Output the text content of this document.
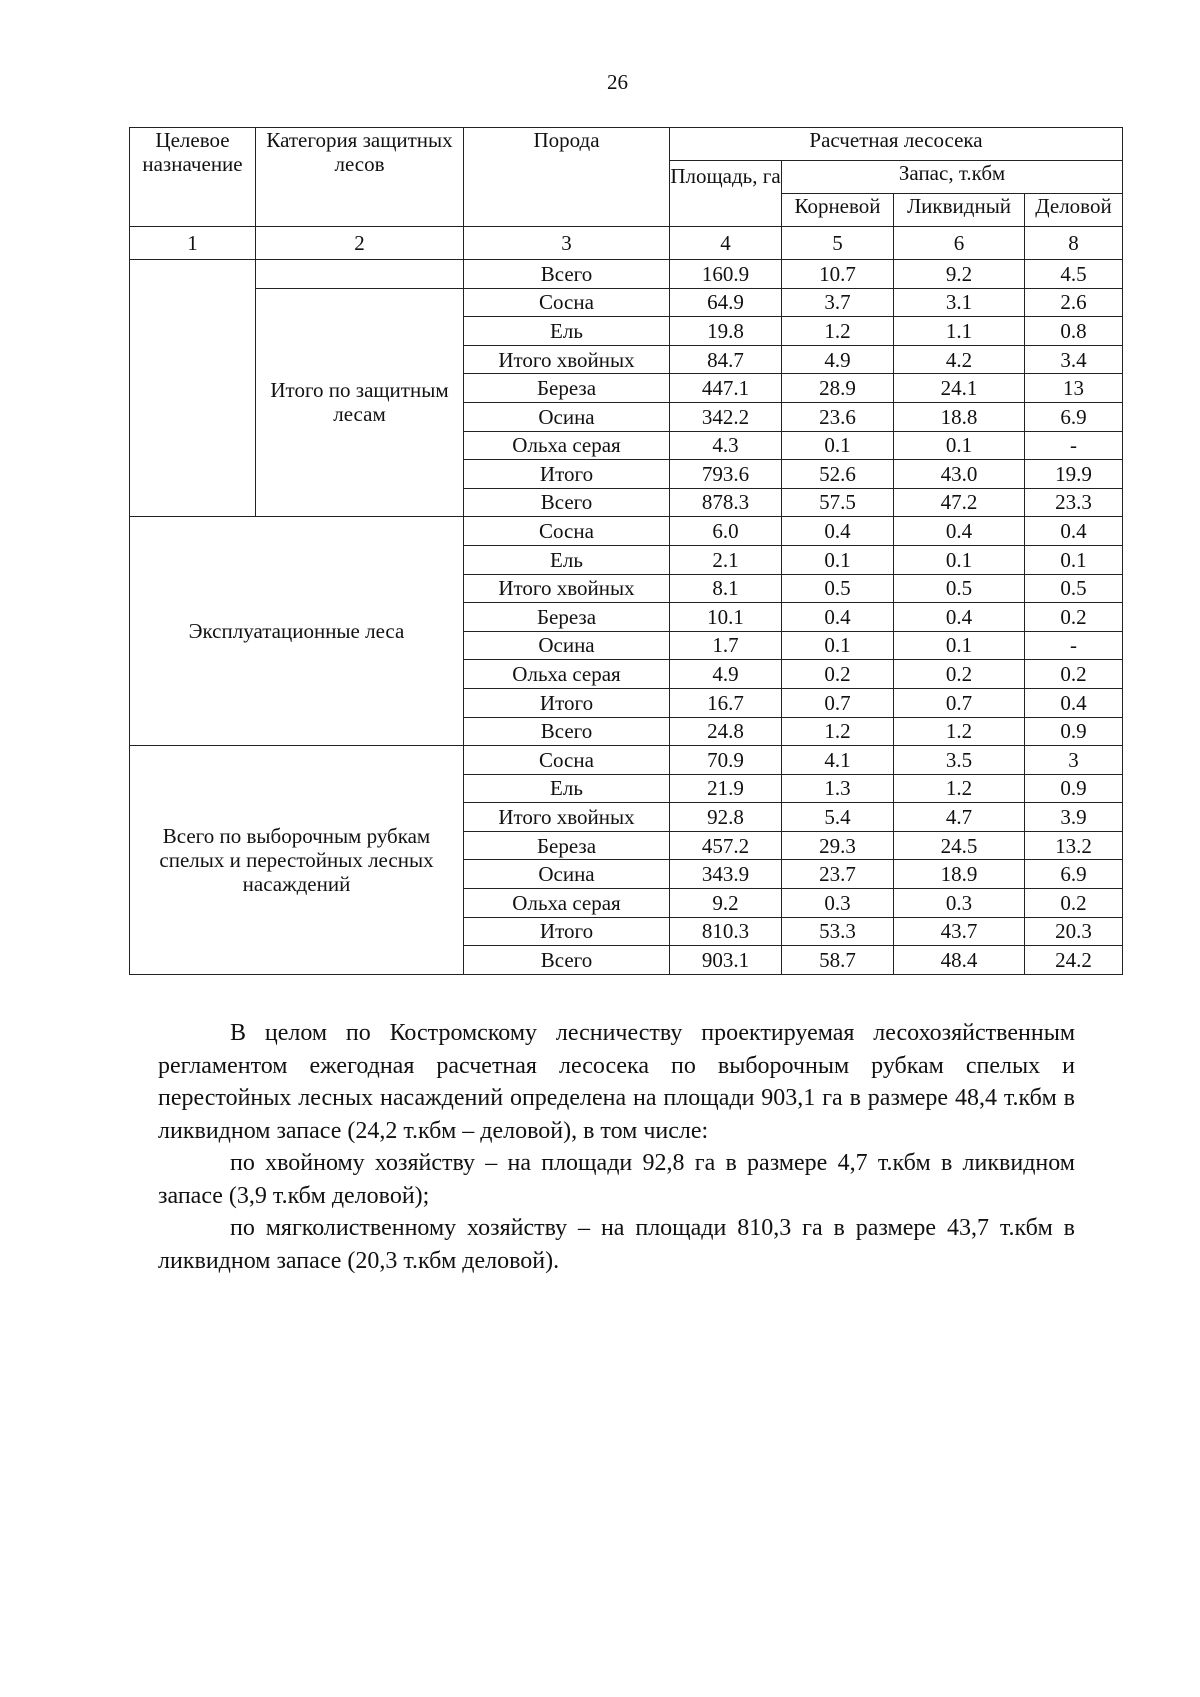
26
Целевое назначение	Категория защитных лесов	Порода	Расчетная лесосека			
			Площадь, га	Запас, т.кбм		
				Корневой	Ликвидный	Деловой
1	2	3	4	5	6	8
		Всего	160.9	10.7	9.2	4.5
	Итого по защитным лесам	Сосна	64.9	3.7	3.1	2.6
		Ель	19.8	1.2	1.1	0.8
		Итого хвойных	84.7	4.9	4.2	3.4
		Береза	447.1	28.9	24.1	13
		Осина	342.2	23.6	18.8	6.9
		Ольха серая	4.3	0.1	0.1	-
		Итого	793.6	52.6	43.0	19.9
		Всего	878.3	57.5	47.2	23.3
Эксплуатационные леса		Сосна	6.0	0.4	0.4	0.4
		Ель	2.1	0.1	0.1	0.1
		Итого хвойных	8.1	0.5	0.5	0.5
		Береза	10.1	0.4	0.4	0.2
		Осина	1.7	0.1	0.1	-
		Ольха серая	4.9	0.2	0.2	0.2
		Итого	16.7	0.7	0.7	0.4
		Всего	24.8	1.2	1.2	0.9
Всего по выборочным рубкам спелых и перестойных лесных насаждений		Сосна	70.9	4.1	3.5	3
		Ель	21.9	1.3	1.2	0.9
		Итого хвойных	92.8	5.4	4.7	3.9
		Береза	457.2	29.3	24.5	13.2
		Осина	343.9	23.7	18.9	6.9
		Ольха серая	9.2	0.3	0.3	0.2
		Итого	810.3	53.3	43.7	20.3
		Всего	903.1	58.7	48.4	24.2

В целом по Костромскому лесничеству проектируемая лесохозяйственным регламентом ежегодная расчетная лесосека по выборочным рубкам спелых и перестойных лесных насаждений определена на площади 903,1 га в размере 48,4 т.кбм в ликвидном запасе (24,2 т.кбм – деловой), в том числе:

по хвойному хозяйству – на площади 92,8 га в размере 4,7 т.кбм в ликвидном запасе (3,9 т.кбм деловой);

по мягколиственному хозяйству – на площади 810,3 га в размере 43,7 т.кбм в ликвидном запасе (20,3 т.кбм деловой).
